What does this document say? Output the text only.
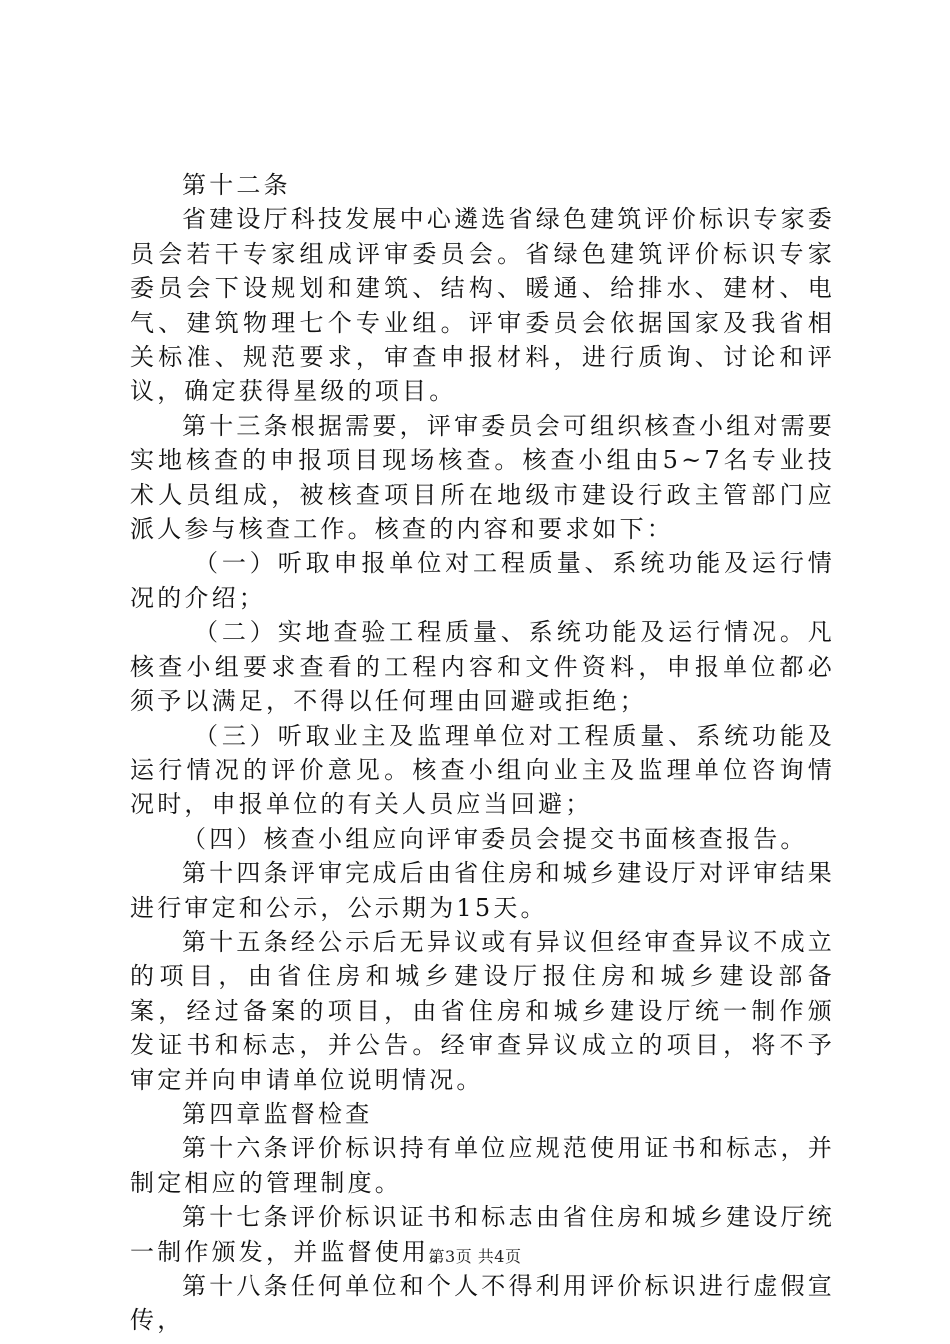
第十二条

省建设厅科技发展中心遴选省绿色建筑评价标识专家委员会若干专家组成评审委员会。省绿色建筑评价标识专家委员会下设规划和建筑、结构、暖通、给排水、建材、电气、建筑物理七个专业组。评审委员会依据国家及我省相关标准、规范要求，审查申报材料，进行质询、讨论和评议，确定获得星级的项目。

第十三条根据需要，评审委员会可组织核查小组对需要实地核查的申报项目现场核查。核查小组由5~7名专业技术人员组成，被核查项目所在地级市建设行政主管部门应派人参与核查工作。核查的内容和要求如下：

（一）听取申报单位对工程质量、系统功能及运行情况的介绍；

（二）实地查验工程质量、系统功能及运行情况。凡核查小组要求查看的工程内容和文件资料，申报单位都必须予以满足，不得以任何理由回避或拒绝；

（三）听取业主及监理单位对工程质量、系统功能及运行情况的评价意见。核查小组向业主及监理单位咨询情况时，申报单位的有关人员应当回避；

（四）核查小组应向评审委员会提交书面核查报告。

第十四条评审完成后由省住房和城乡建设厅对评审结果进行审定和公示，公示期为15天。

第十五条经公示后无异议或有异议但经审查异议不成立的项目，由省住房和城乡建设厅报住房和城乡建设部备案，经过备案的项目，由省住房和城乡建设厅统一制作颁发证书和标志，并公告。经审查异议成立的项目，将不予审定并向申请单位说明情况。

第四章监督检查

第十六条评价标识持有单位应规范使用证书和标志，并制定相应的管理制度。

第十七条评价标识证书和标志由省住房和城乡建设厅统一制作颁发，并监督使用。

第十八条任何单位和个人不得利用评价标识进行虚假宣传，

第3页 共4页
